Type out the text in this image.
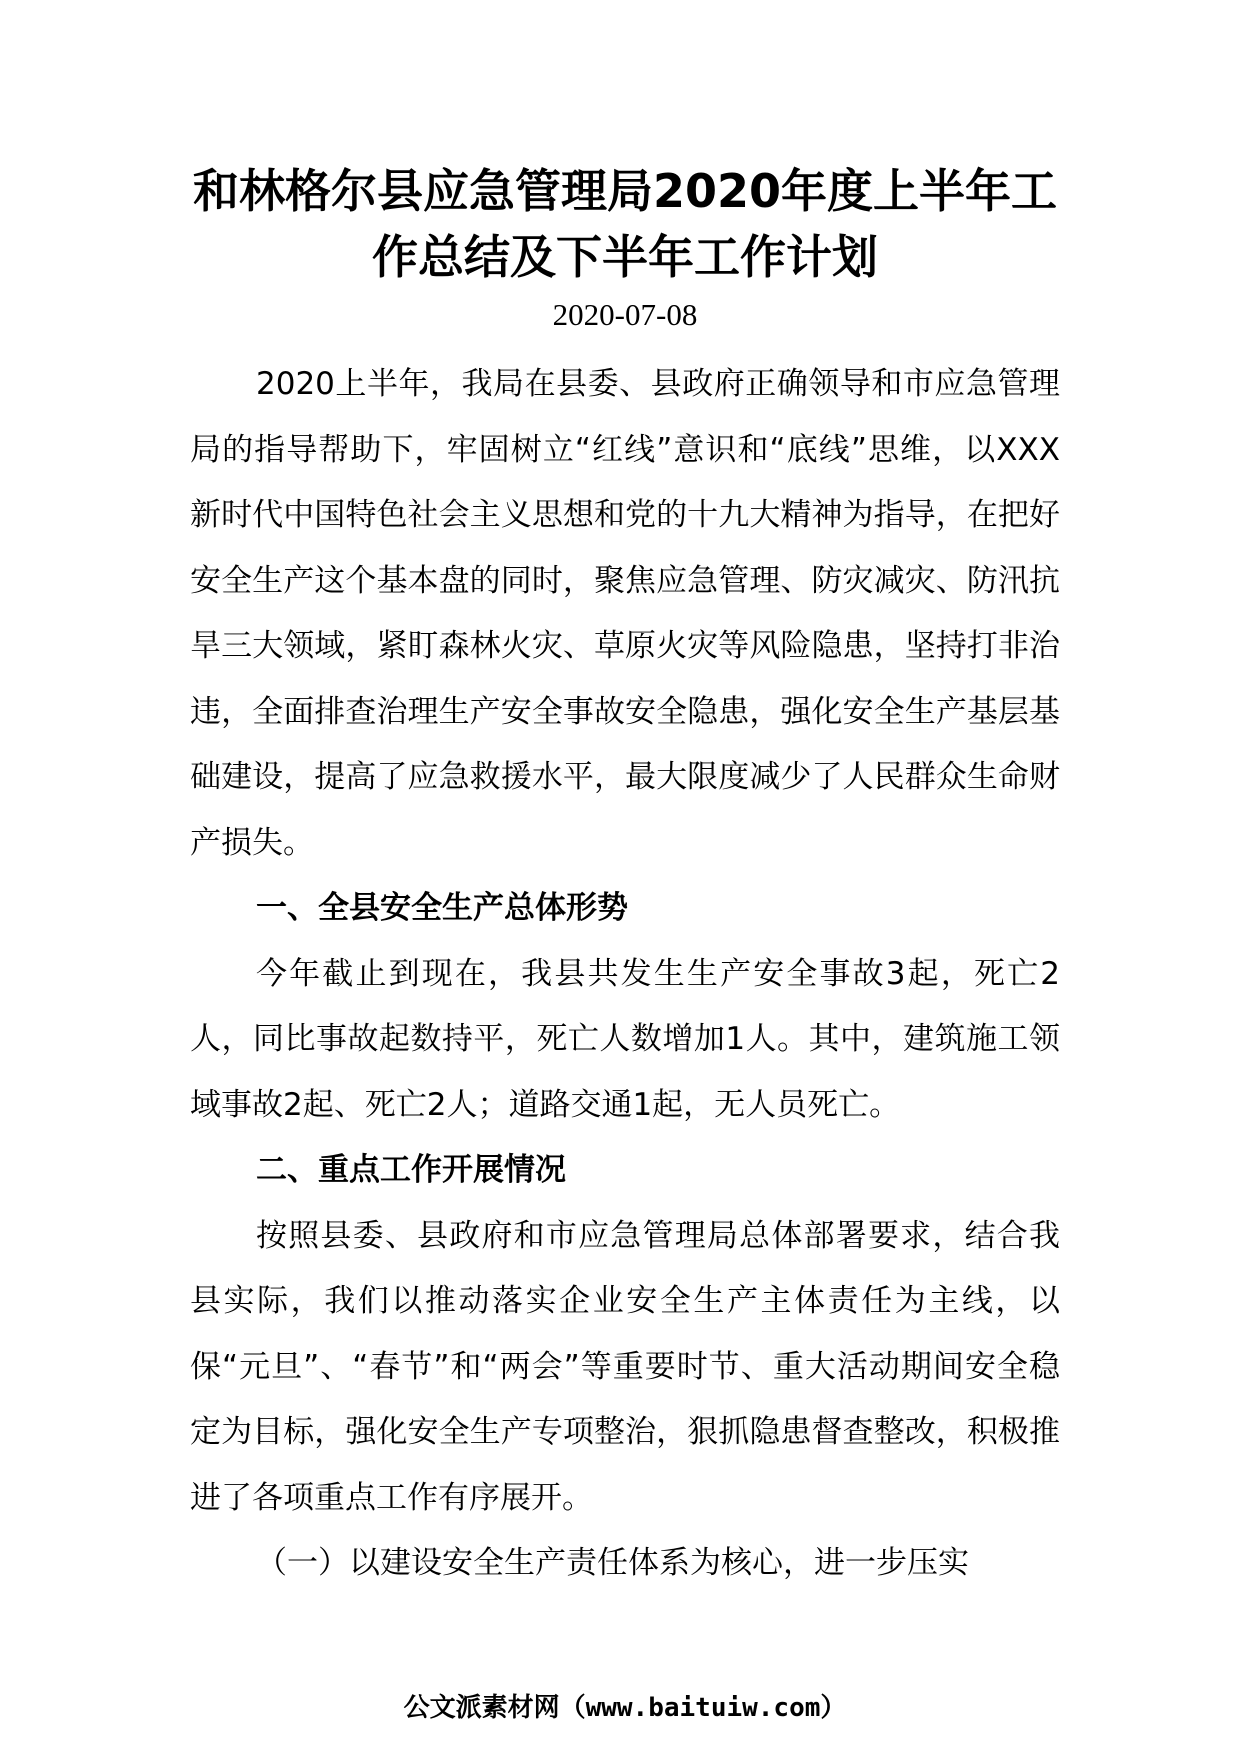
和林格尔县应急管理局2020年度上半年工作总结及下半年工作计划
2020-07-08

2020上半年，我局在县委、县政府正确领导和市应急管理局的指导帮助下，牢固树立“红线”意识和“底线”思维，以XXX新时代中国特色社会主义思想和党的十九大精神为指导，在把好安全生产这个基本盘的同时，聚焦应急管理、防灾减灾、防汛抗旱三大领域，紧盯森林火灾、草原火灾等风险隐患，坚持打非治违，全面排查治理生产安全事故安全隐患，强化安全生产基层基础建设，提高了应急救援水平，最大限度减少了人民群众生命财产损失。

一、全县安全生产总体形势

今年截止到现在，我县共发生生产安全事故3起，死亡2人，同比事故起数持平，死亡人数增加1人。其中，建筑施工领域事故2起、死亡2人；道路交通1起，无人员死亡。

二、重点工作开展情况

按照县委、县政府和市应急管理局总体部署要求，结合我县实际，我们以推动落实企业安全生产主体责任为主线，以保“元旦”、“春节”和“两会”等重要时节、重大活动期间安全稳定为目标，强化安全生产专项整治，狠抓隐患督查整改，积极推进了各项重点工作有序展开。

（一）以建设安全生产责任体系为核心，进一步压实

公文派素材网（www.baituiw.com）
